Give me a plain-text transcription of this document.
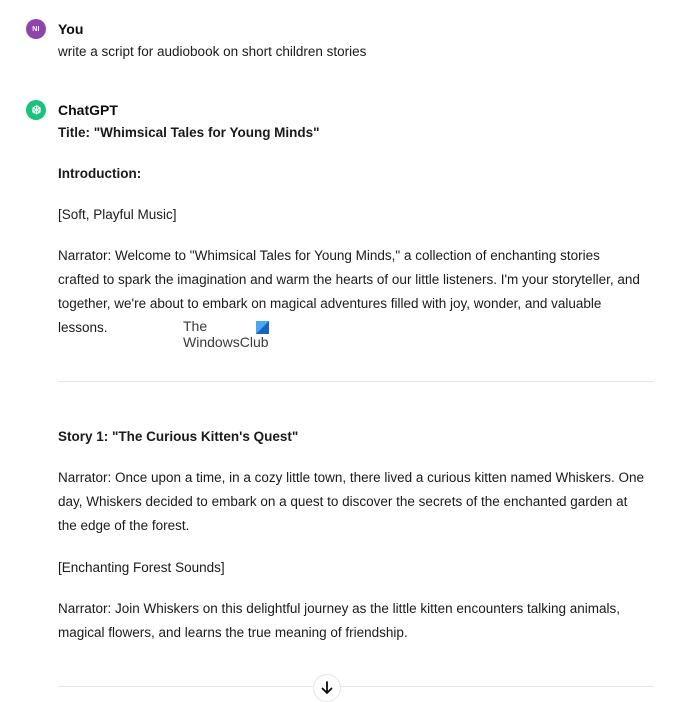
NI You
write a script for audiobook on short children stories
ChatGPT

Title: "Whimsical Tales for Young Minds"

Introduction:

[Soft, Playful Music]

Narrator: Welcome to "Whimsical Tales for Young Minds," a collection of enchanting stories

crafted to spark the imagination and warm the hearts of our little listeners. I'm your storyteller, and

together, we're about to embark on magical adventures filled with joy, wonder, and valuable

lessons.	The
WindowsClub

Story 1: "The Curious Kitten's Quest"

Narrator: Once upon a time, in a cozy little town, there lived a curious kitten named Whiskers. One

day, Whiskers decided to embark on a quest to discover the secrets of the enchanted garden at

the edge of the forest.

[Enchanting Forest Sounds]

Narrator: Join Whiskers on this delightful journey as the little kitten encounters talking animals,

magical flowers, and learns the true meaning of friendship.
